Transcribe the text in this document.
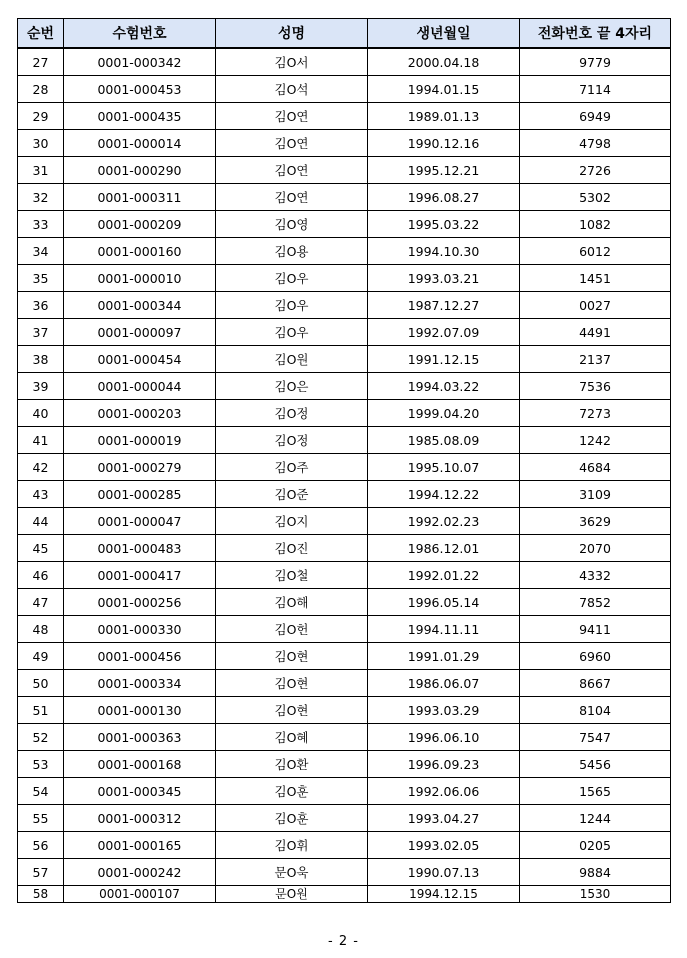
순번	수험번호	성명	생년월일	전화번호 끝 4자리
27	0001-000342	김O서	2000.04.18	9779
28	0001-000453	김O석	1994.01.15	7114
29	0001-000435	김O연	1989.01.13	6949
30	0001-000014	김O연	1990.12.16	4798
31	0001-000290	김O연	1995.12.21	2726
32	0001-000311	김O연	1996.08.27	5302
33	0001-000209	김O영	1995.03.22	1082
34	0001-000160	김O용	1994.10.30	6012
35	0001-000010	김O우	1993.03.21	1451
36	0001-000344	김O우	1987.12.27	0027
37	0001-000097	김O우	1992.07.09	4491
38	0001-000454	김O원	1991.12.15	2137
39	0001-000044	김O은	1994.03.22	7536
40	0001-000203	김O정	1999.04.20	7273
41	0001-000019	김O정	1985.08.09	1242
42	0001-000279	김O주	1995.10.07	4684
43	0001-000285	김O준	1994.12.22	3109
44	0001-000047	김O지	1992.02.23	3629
45	0001-000483	김O진	1986.12.01	2070
46	0001-000417	김O철	1992.01.22	4332
47	0001-000256	김O해	1996.05.14	7852
48	0001-000330	김O헌	1994.11.11	9411
49	0001-000456	김O현	1991.01.29	6960
50	0001-000334	김O현	1986.06.07	8667
51	0001-000130	김O현	1993.03.29	8104
52	0001-000363	김O혜	1996.06.10	7547
53	0001-000168	김O환	1996.09.23	5456
54	0001-000345	김O훈	1992.06.06	1565
55	0001-000312	김O훈	1993.04.27	1244
56	0001-000165	김O휘	1993.02.05	0205
57	0001-000242	문O욱	1990.07.13	9884
58	0001-000107	문O원	1994.12.15	1530
- 2 -
